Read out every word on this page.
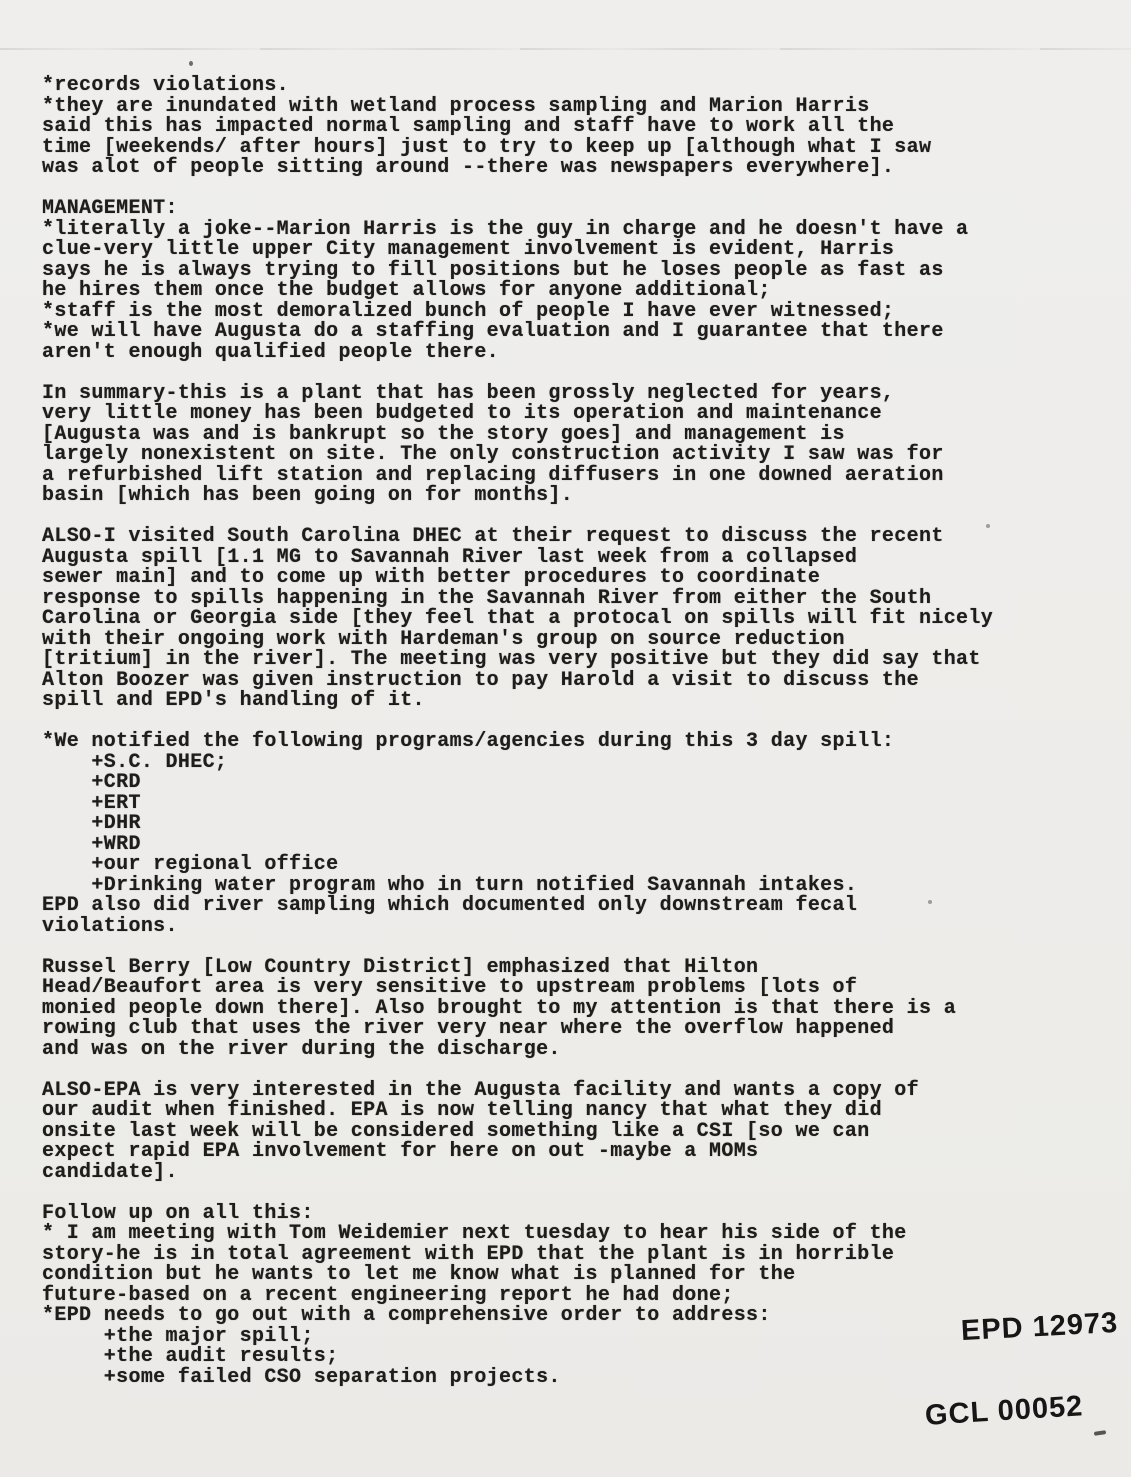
*records violations.
*they are inundated with wetland process sampling and Marion Harris
said this has impacted normal sampling and staff have to work all the
time [weekends/ after hours] just to try to keep up [although what I saw
was alot of people sitting around --there was newspapers everywhere].
MANAGEMENT:
*literally a joke--Marion Harris is the guy in charge and he doesn't have a
clue-very little upper City management involvement is evident, Harris
says he is always trying to fill positions but he loses people as fast as
he hires them once the budget allows for anyone additional;
*staff is the most demoralized bunch of people I have ever witnessed;
*we will have Augusta do a staffing evaluation and I guarantee that there
aren't enough qualified people there.
In summary-this is a plant that has been grossly neglected for years,
very little money has been budgeted to its operation and maintenance
[Augusta was and is bankrupt so the story goes] and management is
largely nonexistent on site. The only construction activity I saw was for
a refurbished lift station and replacing diffusers in one downed aeration
basin [which has been going on for months].
ALSO-I visited South Carolina DHEC at their request to discuss the recent
Augusta spill [1.1 MG to Savannah River last week from a collapsed
sewer main] and to come up with better procedures to coordinate
response to spills happening in the Savannah River from either the South
Carolina or Georgia side [they feel that a protocal on spills will fit nicely
with their ongoing work with Hardeman's group on source reduction
[tritium] in the river]. The meeting was very positive but they did say that
Alton Boozer was given instruction to pay Harold a visit to discuss the
spill and EPD's handling of it.
*We notified the following programs/agencies during this 3 day spill:
+S.C. DHEC;
+CRD
+ERT
+DHR
+WRD
+our regional office
+Drinking water program who in turn notified Savannah intakes.
EPD also did river sampling which documented only downstream fecal
violations.
Russel Berry [Low Country District] emphasized that Hilton
Head/Beaufort area is very sensitive to upstream problems [lots of
monied people down there]. Also brought to my attention is that there is a
rowing club that uses the river very near where the overflow happened
and was on the river during the discharge.
ALSO-EPA is very interested in the Augusta facility and wants a copy of
our audit when finished. EPA is now telling nancy that what they did
onsite last week will be considered something like a CSI [so we can
expect rapid EPA involvement for here on out -maybe a MOMs
candidate].
Follow up on all this:
* I am meeting with Tom Weidemier next tuesday to hear his side of the
story-he is in total agreement with EPD that the plant is in horrible
condition but he wants to let me know what is planned for the
future-based on a recent engineering report he had done;
*EPD needs to go out with a comprehensive order to address:
+the major spill;
+the audit results;
+some failed CSO separation projects.
EPD 12973
GCL 00052
